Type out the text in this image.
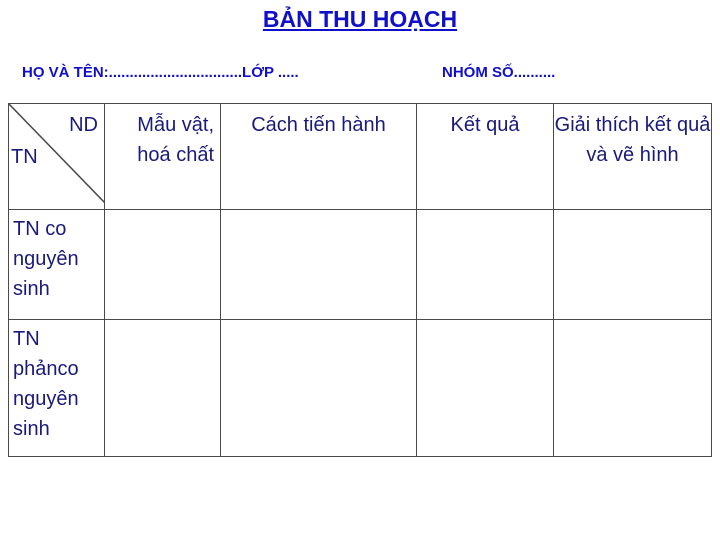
BẢN THU HOẠCH
HỌ VÀ TÊN:................................LỚP .....	NHÓM SỐ..........
ND
TN	Mẫu vật, hoá chất	Cách tiến hành	Kết quả	Giải thích kết quả và vẽ hình
TN co nguyên sinh				
TN phảnco nguyên sinh				
